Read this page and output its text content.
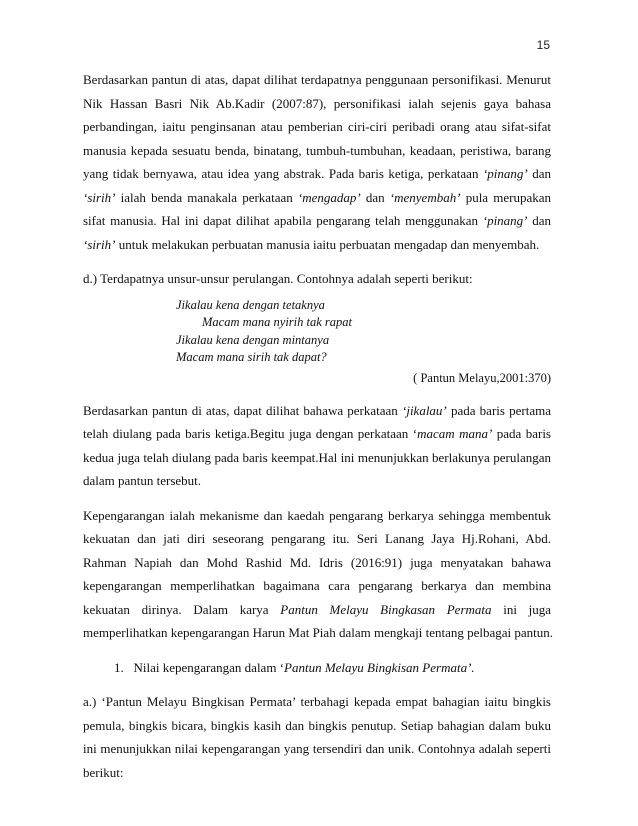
15

Berdasarkan pantun di atas, dapat dilihat terdapatnya penggunaan personifikasi. Menurut
Nik Hassan Basri Nik Ab.Kadir (2007:87), personifikasi ialah sejenis gaya bahasa
perbandingan, iaitu penginsanan atau pemberian ciri-ciri peribadi orang atau sifat-sifat
manusia kepada sesuatu benda, binatang, tumbuh-tumbuhan, keadaan, peristiwa, barang
yang tidak bernyawa, atau idea yang abstrak. Pada baris ketiga, perkataan ‘pinang’ dan
‘sirih’ ialah benda manakala perkataan ‘mengadap’ dan ‘menyembah’ pula merupakan
sifat manusia. Hal ini dapat dilihat apabila pengarang telah menggunakan ‘pinang’ dan
‘sirih’ untuk melakukan perbuatan manusia iaitu perbuatan mengadap dan menyembah.

d.) Terdapatnya unsur-unsur perulangan. Contohnya adalah seperti berikut:

Jikalau kena dengan tetaknya
Macam mana nyirih tak rapat
Jikalau kena dengan mintanya
Macam mana sirih tak dapat?
( Pantun Melayu,2001:370)

Berdasarkan pantun di atas, dapat dilihat bahawa perkataan ‘jikalau’ pada baris pertama
telah diulang pada baris ketiga.Begitu juga dengan perkataan ‘macam mana’ pada baris
kedua juga telah diulang pada baris keempat.Hal ini menunjukkan berlakunya perulangan
dalam pantun tersebut.

Kepengarangan ialah mekanisme dan kaedah pengarang berkarya sehingga membentuk
kekuatan dan jati diri seseorang pengarang itu. Seri Lanang Jaya Hj.Rohani, Abd.
Rahman Napiah dan Mohd Rashid Md. Idris (2016:91) juga menyatakan bahawa
kepengarangan memperlihatkan bagaimana cara pengarang berkarya dan membina
kekuatan dirinya. Dalam karya Pantun Melayu Bingkasan Permata ini juga
memperlihatkan kepengarangan Harun Mat Piah dalam mengkaji tentang pelbagai pantun.

1. Nilai kepengarangan dalam ‘Pantun Melayu Bingkisan Permata’.

a.) ‘Pantun Melayu Bingkisan Permata’ terbahagi kepada empat bahagian iaitu bingkis
pemula, bingkis bicara, bingkis kasih dan bingkis penutup. Setiap bahagian dalam buku
ini menunjukkan nilai kepengarangan yang tersendiri dan unik. Contohnya adalah seperti
berikut:
